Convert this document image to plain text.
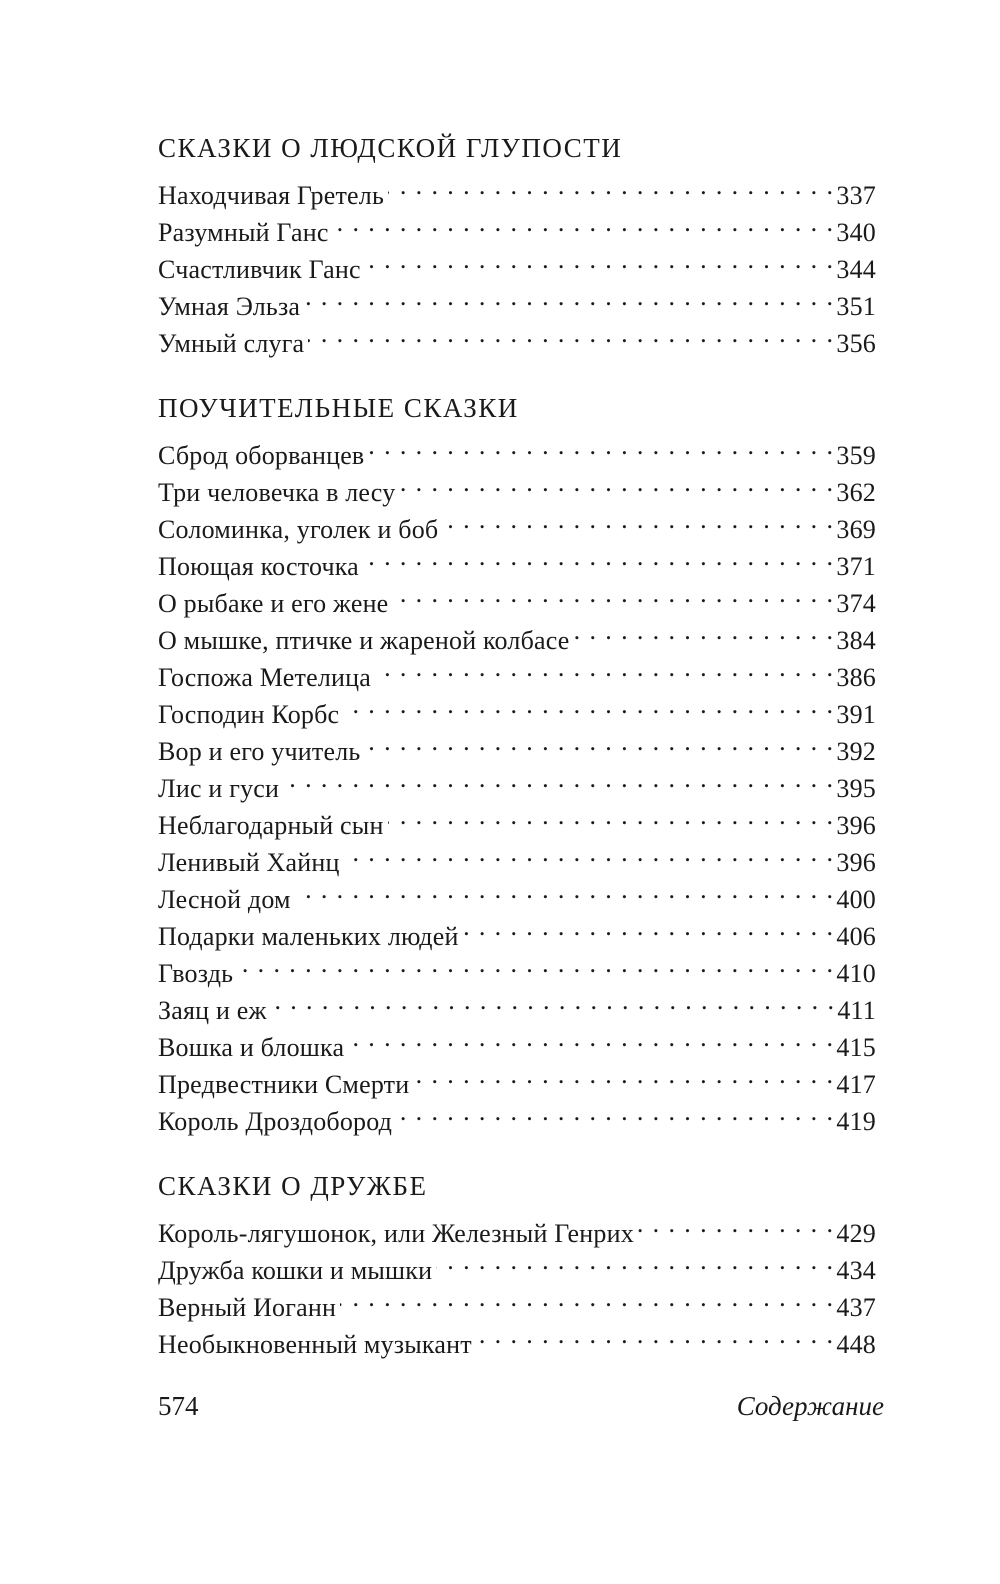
СКАЗКИ О ЛЮДСКОЙ ГЛУПОСТИ
Находчивая Гретель . . .	337
Разумный Ганс . . .	340
Счастливчик Ганс . . .	344
Умная Эльза . . .	351
Умный слуга . . .	356
ПОУЧИТЕЛЬНЫЕ СКАЗКИ
Сброд оборванцев . . .	359
Три человечка в лесу . . .	362
Соломинка, уголек и боб . . .	369
Поющая косточка . . .	371
О рыбаке и его жене . . .	374
О мышке, птичке и жареной колбасе . . .	384
Госпожа Метелица . . .	386
Господин Корбс . . .	391
Вор и его учитель . . .	392
Лис и гуси . . .	395
Неблагодарный сын . . .	396
Ленивый Хайнц . . .	396
Лесной дом . . .	400
Подарки маленьких людей . . .	406
Гвоздь . . .	410
Заяц и еж . . .	411
Вошка и блошка . . .	415
Предвестники Смерти . . .	417
Король Дроздобород . . .	419
СКАЗКИ О ДРУЖБЕ
Король-лягушонок, или Железный Генрих . . .	429
Дружба кошки и мышки . . .	434
Верный Иоганн . . .	437
Необыкновенный музыкант . . .	448
574	Содержание
